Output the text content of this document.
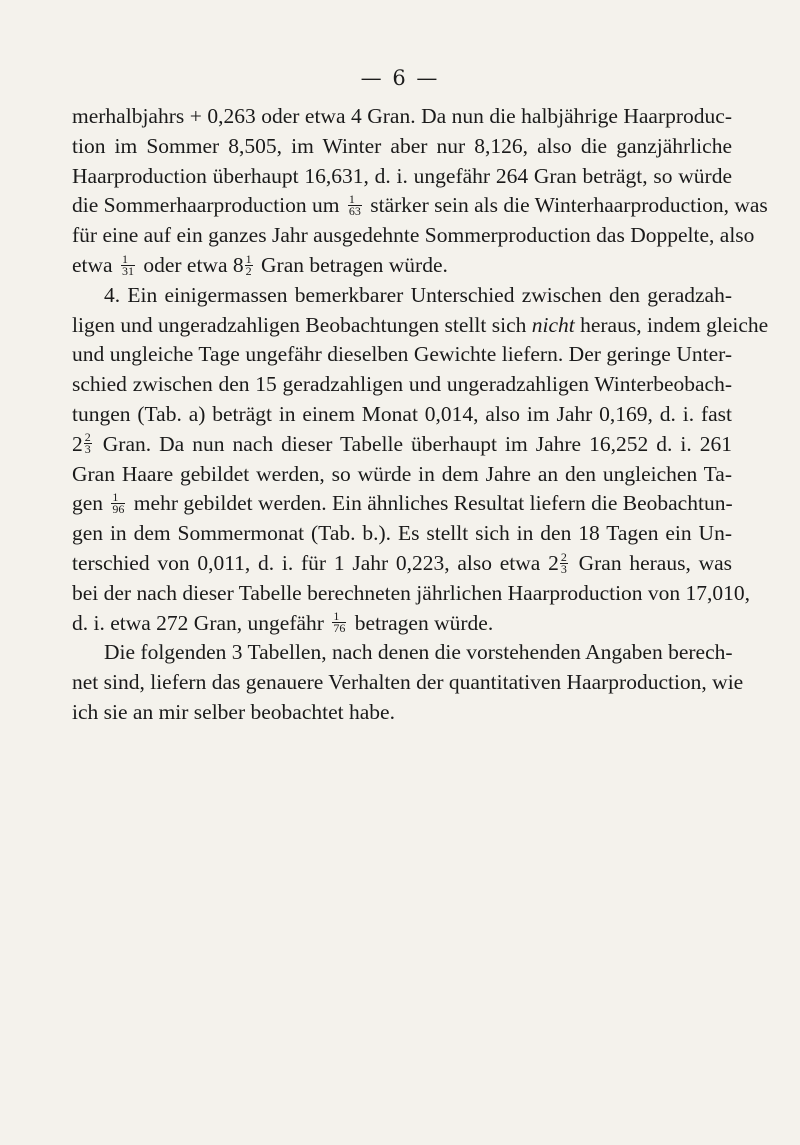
— 6 —
merhalbjahrs + 0,263 oder etwa 4 Gran. Da nun die halbjährige Haarproduc-
tion im Sommer 8,505, im Winter aber nur 8,126, also die ganzjährliche
Haarproduction überhaupt 16,631, d. i. ungefähr 264 Gran beträgt, so würde
die Sommerhaarproduction um $\frac{1}{63}$ stärker sein als die Winterhaarproduction, was
für eine auf ein ganzes Jahr ausgedehnte Sommerproduction das Doppelte, also
etwa $\frac{1}{31}$ oder etwa $8 \frac{1}{2}$ Gran betragen würde.
4. Ein einigermassen bemerkbarer Unterschied zwischen den geradzah-
ligen und ungeradzahligen Beobachtungen stellt sich nicht heraus, indem gleiche
und ungleiche Tage ungefähr dieselben Gewichte liefern. Der geringe Unter-
schied zwischen den 15 geradzahligen und ungeradzahligen Winterbeobach-
tungen (Tab. a) beträgt in einem Monat 0,014, also im Jahr 0,169, d. i. fast
$2 \frac{2}{3}$ Gran. Da nun nach dieser Tabelle überhaupt im Jahre 16,252 d. i. 261
Gran Haare gebildet werden, so würde in dem Jahre an den ungleichen Ta-
gen $\frac{1}{96}$ mehr gebildet werden. Ein ähnliches Resultat liefern die Beobachtun-
gen in dem Sommermonat (Tab. b.). Es stellt sich in den 18 Tagen ein Un-
terschied von 0,011, d. i. für 1 Jahr 0,223, also etwa $2 \frac{2}{3}$ Gran heraus, was
bei der nach dieser Tabelle berechneten jährlichen Haarproduction von 17,010,
d. i. etwa 272 Gran, ungefähr $\frac{1}{76}$ betragen würde.
Die folgenden 3 Tabellen, nach denen die vorstehenden Angaben berech-
net sind, liefern das genauere Verhalten der quantitativen Haarproduction, wie
ich sie an mir selber beobachtet habe.
